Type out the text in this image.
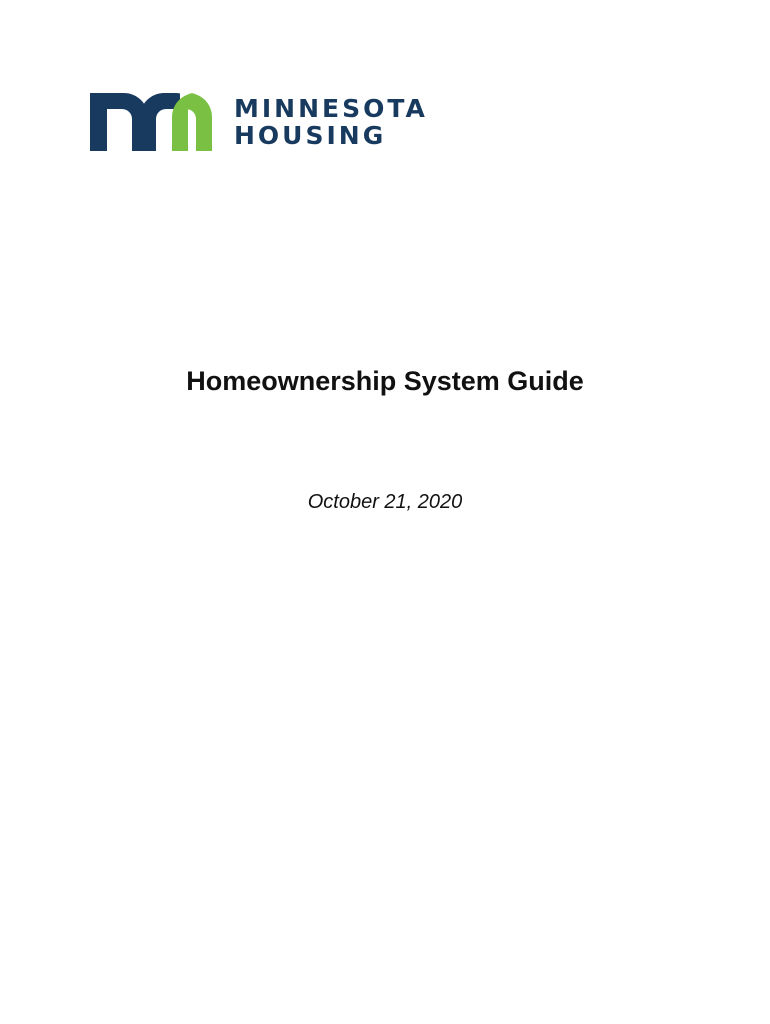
MINNESOTA
HOUSING
Homeownership System Guide
October 21, 2020
